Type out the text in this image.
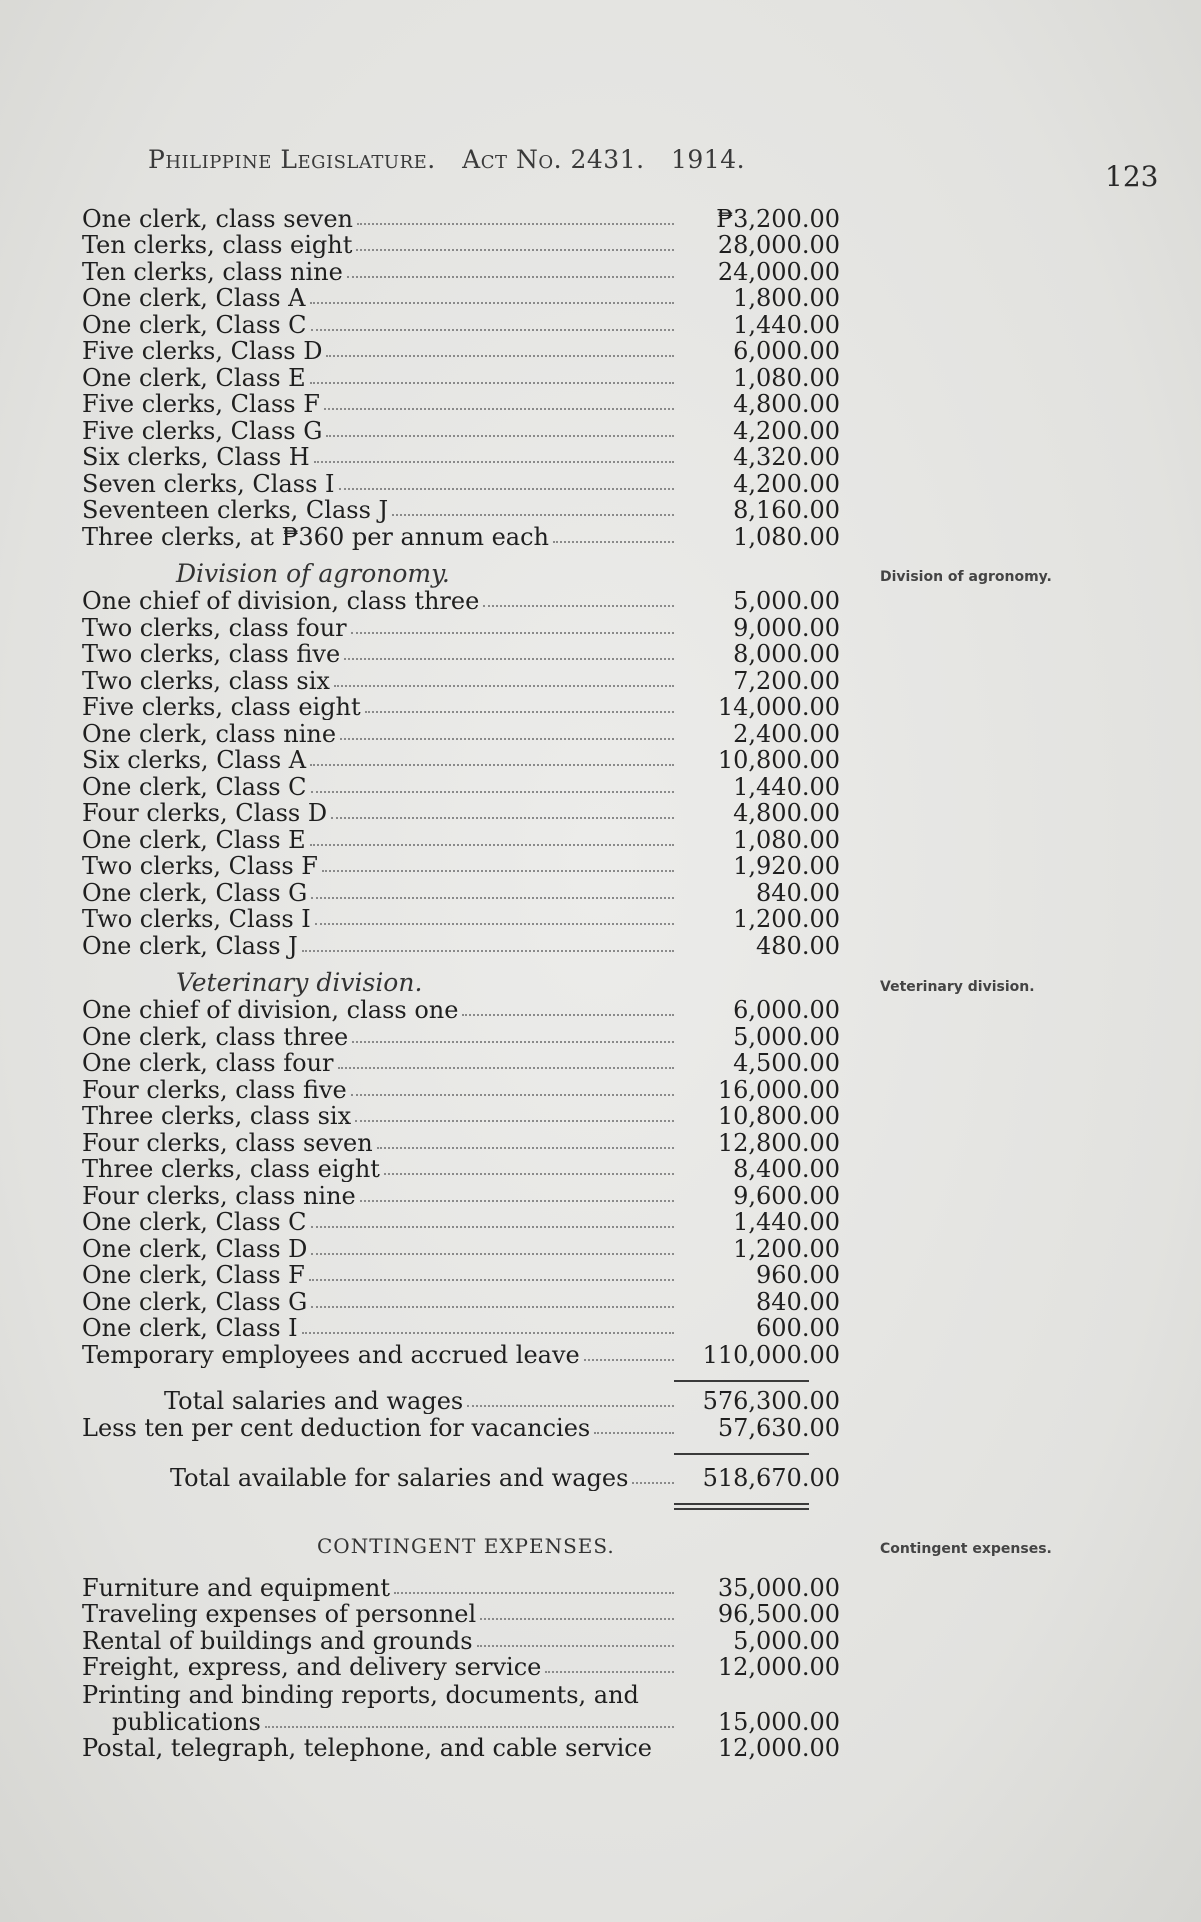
Philippine Legislature. Act No. 2431. 1914.
123
Division of agronomy.
Veterinary division.
Contingent expenses.
One clerk, class seven	₱3,200.00
Ten clerks, class eight	28,000.00
Ten clerks, class nine	24,000.00
One clerk, Class A	1,800.00
One clerk, Class C	1,440.00
Five clerks, Class D	6,000.00
One clerk, Class E	1,080.00
Five clerks, Class F	4,800.00
Five clerks, Class G	4,200.00
Six clerks, Class H	4,320.00
Seven clerks, Class I	4,200.00
Seventeen clerks, Class J	8,160.00
Three clerks, at ₱360 per annum each	1,080.00
Division of agronomy.
One chief of division, class three	5,000.00
Two clerks, class four	9,000.00
Two clerks, class five	8,000.00
Two clerks, class six	7,200.00
Five clerks, class eight	14,000.00
One clerk, class nine	2,400.00
Six clerks, Class A	10,800.00
One clerk, Class C	1,440.00
Four clerks, Class D	4,800.00
One clerk, Class E	1,080.00
Two clerks, Class F	1,920.00
One clerk, Class G	840.00
Two clerks, Class I	1,200.00
One clerk, Class J	480.00
Veterinary division.
One chief of division, class one	6,000.00
One clerk, class three	5,000.00
One clerk, class four	4,500.00
Four clerks, class five	16,000.00
Three clerks, class six	10,800.00
Four clerks, class seven	12,800.00
Three clerks, class eight	8,400.00
Four clerks, class nine	9,600.00
One clerk, Class C	1,440.00
One clerk, Class D	1,200.00
One clerk, Class F	960.00
One clerk, Class G	840.00
One clerk, Class I	600.00
Temporary employees and accrued leave	110,000.00
Total salaries and wages	576,300.00
Less ten per cent deduction for vacancies	57,630.00
Total available for salaries and wages	518,670.00
CONTINGENT EXPENSES.
Furniture and equipment	35,000.00
Traveling expenses of personnel	96,500.00
Rental of buildings and grounds	5,000.00
Freight, express, and delivery service	12,000.00
Printing and binding reports, documents, and
publications	15,000.00
Postal, telegraph, telephone, and cable service	12,000.00
